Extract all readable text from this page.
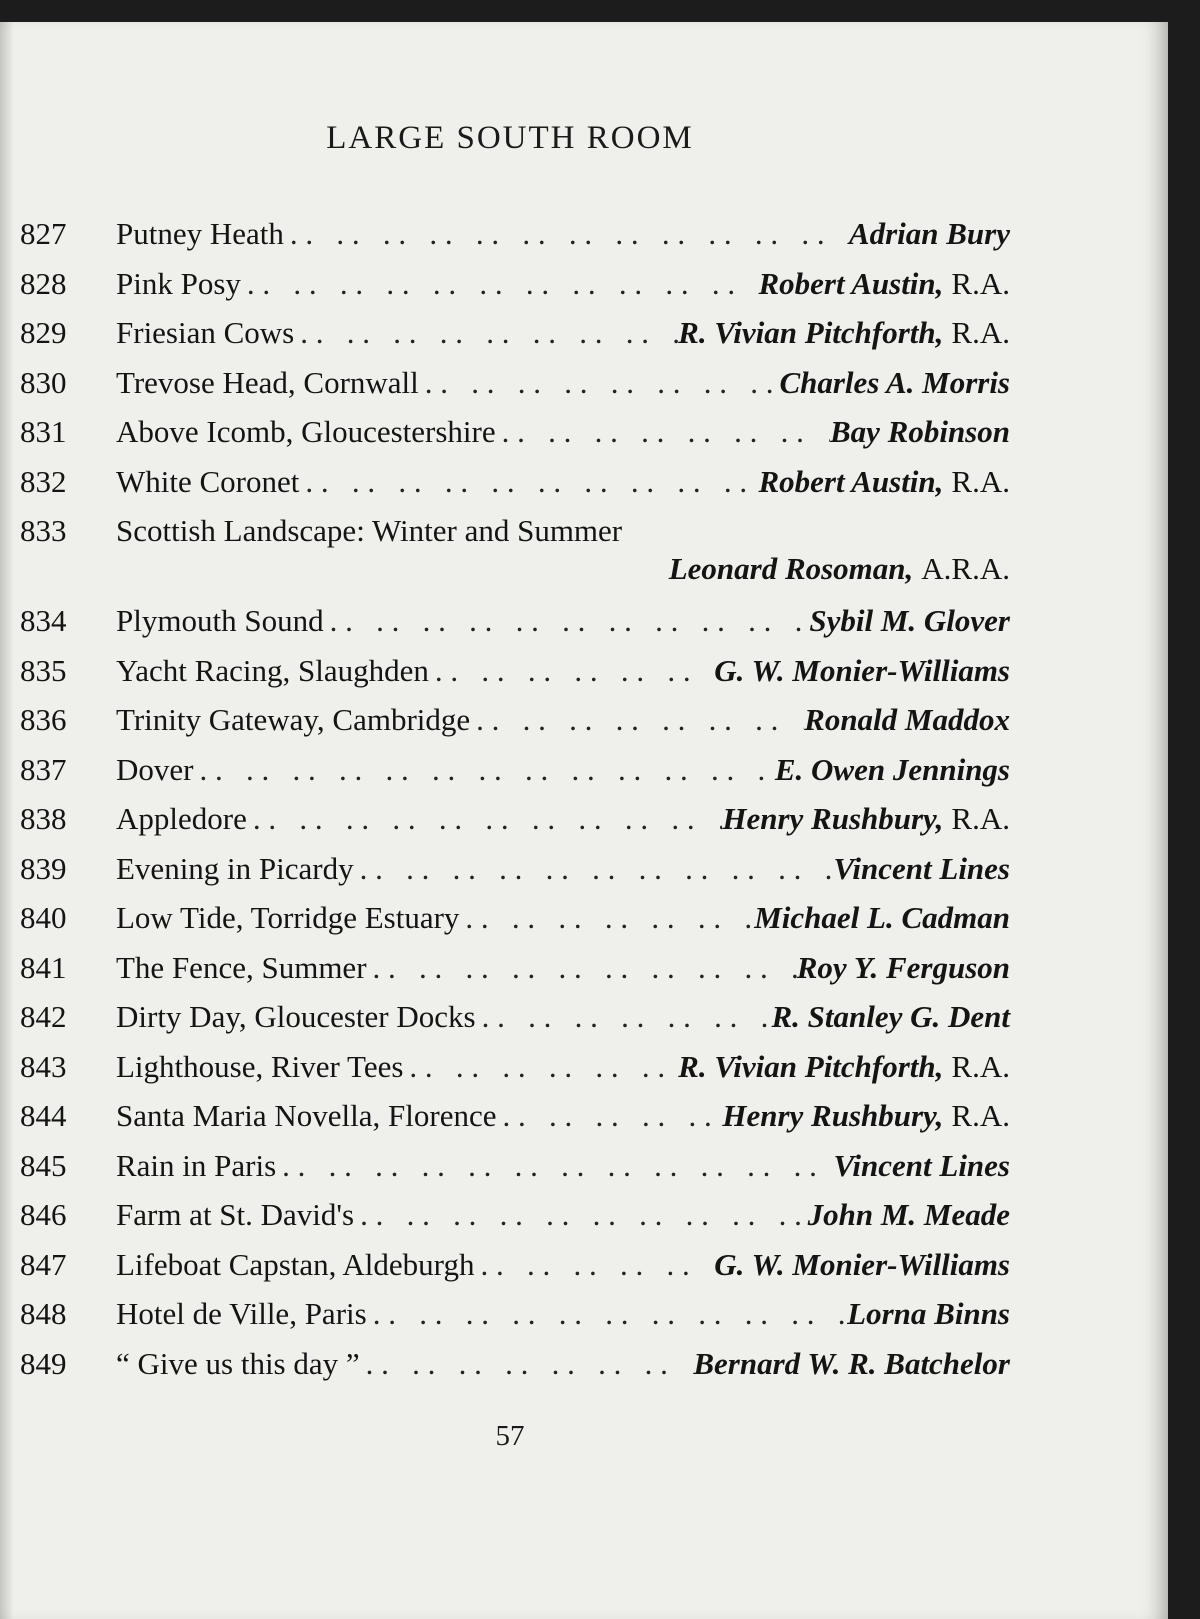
LARGE SOUTH ROOM
827 Putney Heath . .	Adrian Bury
828 Pink Posy . .	Robert Austin, R.A.
829 Friesian Cows . .	R. Vivian Pitchforth, R.A.
830 Trevose Head, Cornwall . .	Charles A. Morris
831 Above Icomb, Gloucestershire . .	Bay Robinson
832 White Coronet . .	Robert Austin, R.A.
833 Scottish Landscape: Winter and Summer
Leonard Rosoman, A.R.A.
834 Plymouth Sound . .	Sybil M. Glover
835 Yacht Racing, Slaughden . .	G. W. Monier-Williams
836 Trinity Gateway, Cambridge . .	Ronald Maddox
837 Dover . .	E. Owen Jennings
838 Appledore . .	Henry Rushbury, R.A.
839 Evening in Picardy . .	Vincent Lines
840 Low Tide, Torridge Estuary . .	Michael L. Cadman
841 The Fence, Summer . .	Roy Y. Ferguson
842 Dirty Day, Gloucester Docks . .	R. Stanley G. Dent
843 Lighthouse, River Tees . .	R. Vivian Pitchforth, R.A.
844 Santa Maria Novella, Florence . .	Henry Rushbury, R.A.
845 Rain in Paris . .	Vincent Lines
846 Farm at St. David's . .	John M. Meade
847 Lifeboat Capstan, Aldeburgh . .	G. W. Monier-Williams
848 Hotel de Ville, Paris . .	Lorna Binns
849 “ Give us this day ” . .	Bernard W. R. Batchelor
57
